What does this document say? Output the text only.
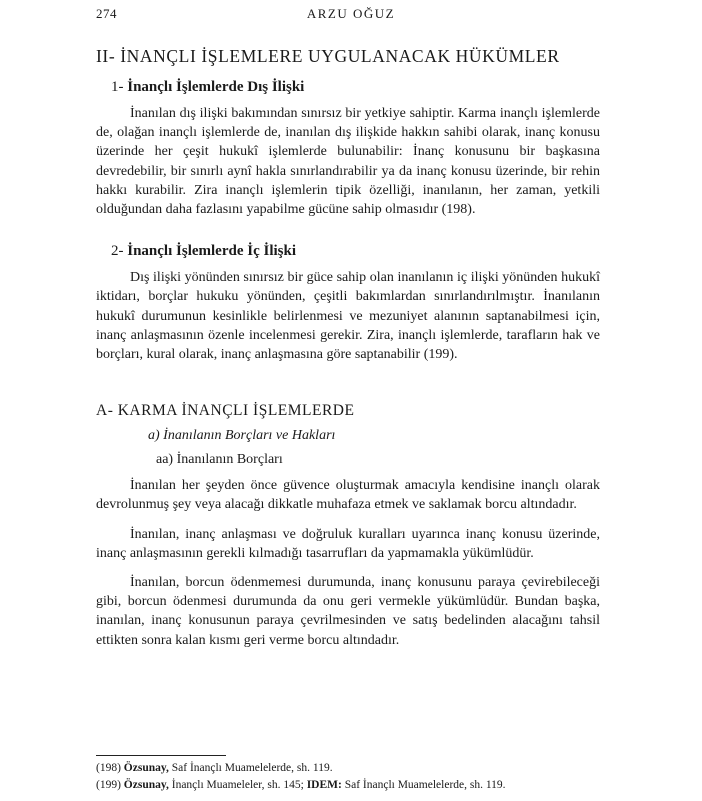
274	ARZU OĞUZ
II- İNANÇLI İŞLEMLERE UYGULANACAK HÜKÜMLER
1- İnançlı İşlemlerde Dış İlişki

İnanılan dış ilişki bakımından sınırsız bir yetkiye sahiptir. Karma inançlı işlemlerde de, olağan inançlı işlemlerde de, inanılan dış ilişkide hakkın sahibi olarak, inanç konusu üzerinde her çeşit hukukî işlemlerde bulunabilir: İnanç konusunu bir başkasına devredebilir, bir sınırlı aynî hakla sınırlandırabilir ya da inanç konusu üzerinde, bir rehin hakkı kurabilir. Zira inançlı işlemlerin tipik özelliği, inanılanın, her zaman, yetkili olduğundan daha fazlasını yapabilme gücüne sahip olmasıdır (198).

2- İnançlı İşlemlerde İç İlişki

Dış ilişki yönünden sınırsız bir güce sahip olan inanılanın iç ilişki yönünden hukukî iktidarı, borçlar hukuku yönünden, çeşitli bakımlardan sınırlandırılmıştır. İnanılanın hukukî durumunun kesinlikle belirlenmesi ve mezuniyet alanının saptanabilmesi için, inanç anlaşmasının özenle incelenmesi gerekir. Zira, inançlı işlemlerde, tarafların hak ve borçları, kural olarak, inanç anlaşmasına göre saptanabilir (199).

A- KARMA İNANÇLI İŞLEMLERDE
a) İnanılanın Borçları ve Hakları
aa) İnanılanın Borçları

İnanılan her şeyden önce güvence oluşturmak amacıyla kendisine inançlı olarak devrolunmuş şey veya alacağı dikkatle muhafaza etmek ve saklamak borcu altındadır.

İnanılan, inanç anlaşması ve doğruluk kuralları uyarınca inanç konusu üzerinde, inanç anlaşmasının gerekli kılmadığı tasarrufları da yapmamakla yükümlüdür.

İnanılan, borcun ödenmemesi durumunda, inanç konusunu paraya çevirebileceği gibi, borcun ödenmesi durumunda da onu geri vermekle yükümlüdür. Bundan başka, inanılan, inanç konusunun paraya çevrilmesinden ve satış bedelinden alacağını tahsil ettikten sonra kalan kısmı geri verme borcu altındadır.

(198) Özsunay, Saf İnançlı Muamelelerde, sh. 119.
(199) Özsunay, İnançlı Muameleler, sh. 145; IDEM: Saf İnançlı Muamelelerde, sh. 119.
